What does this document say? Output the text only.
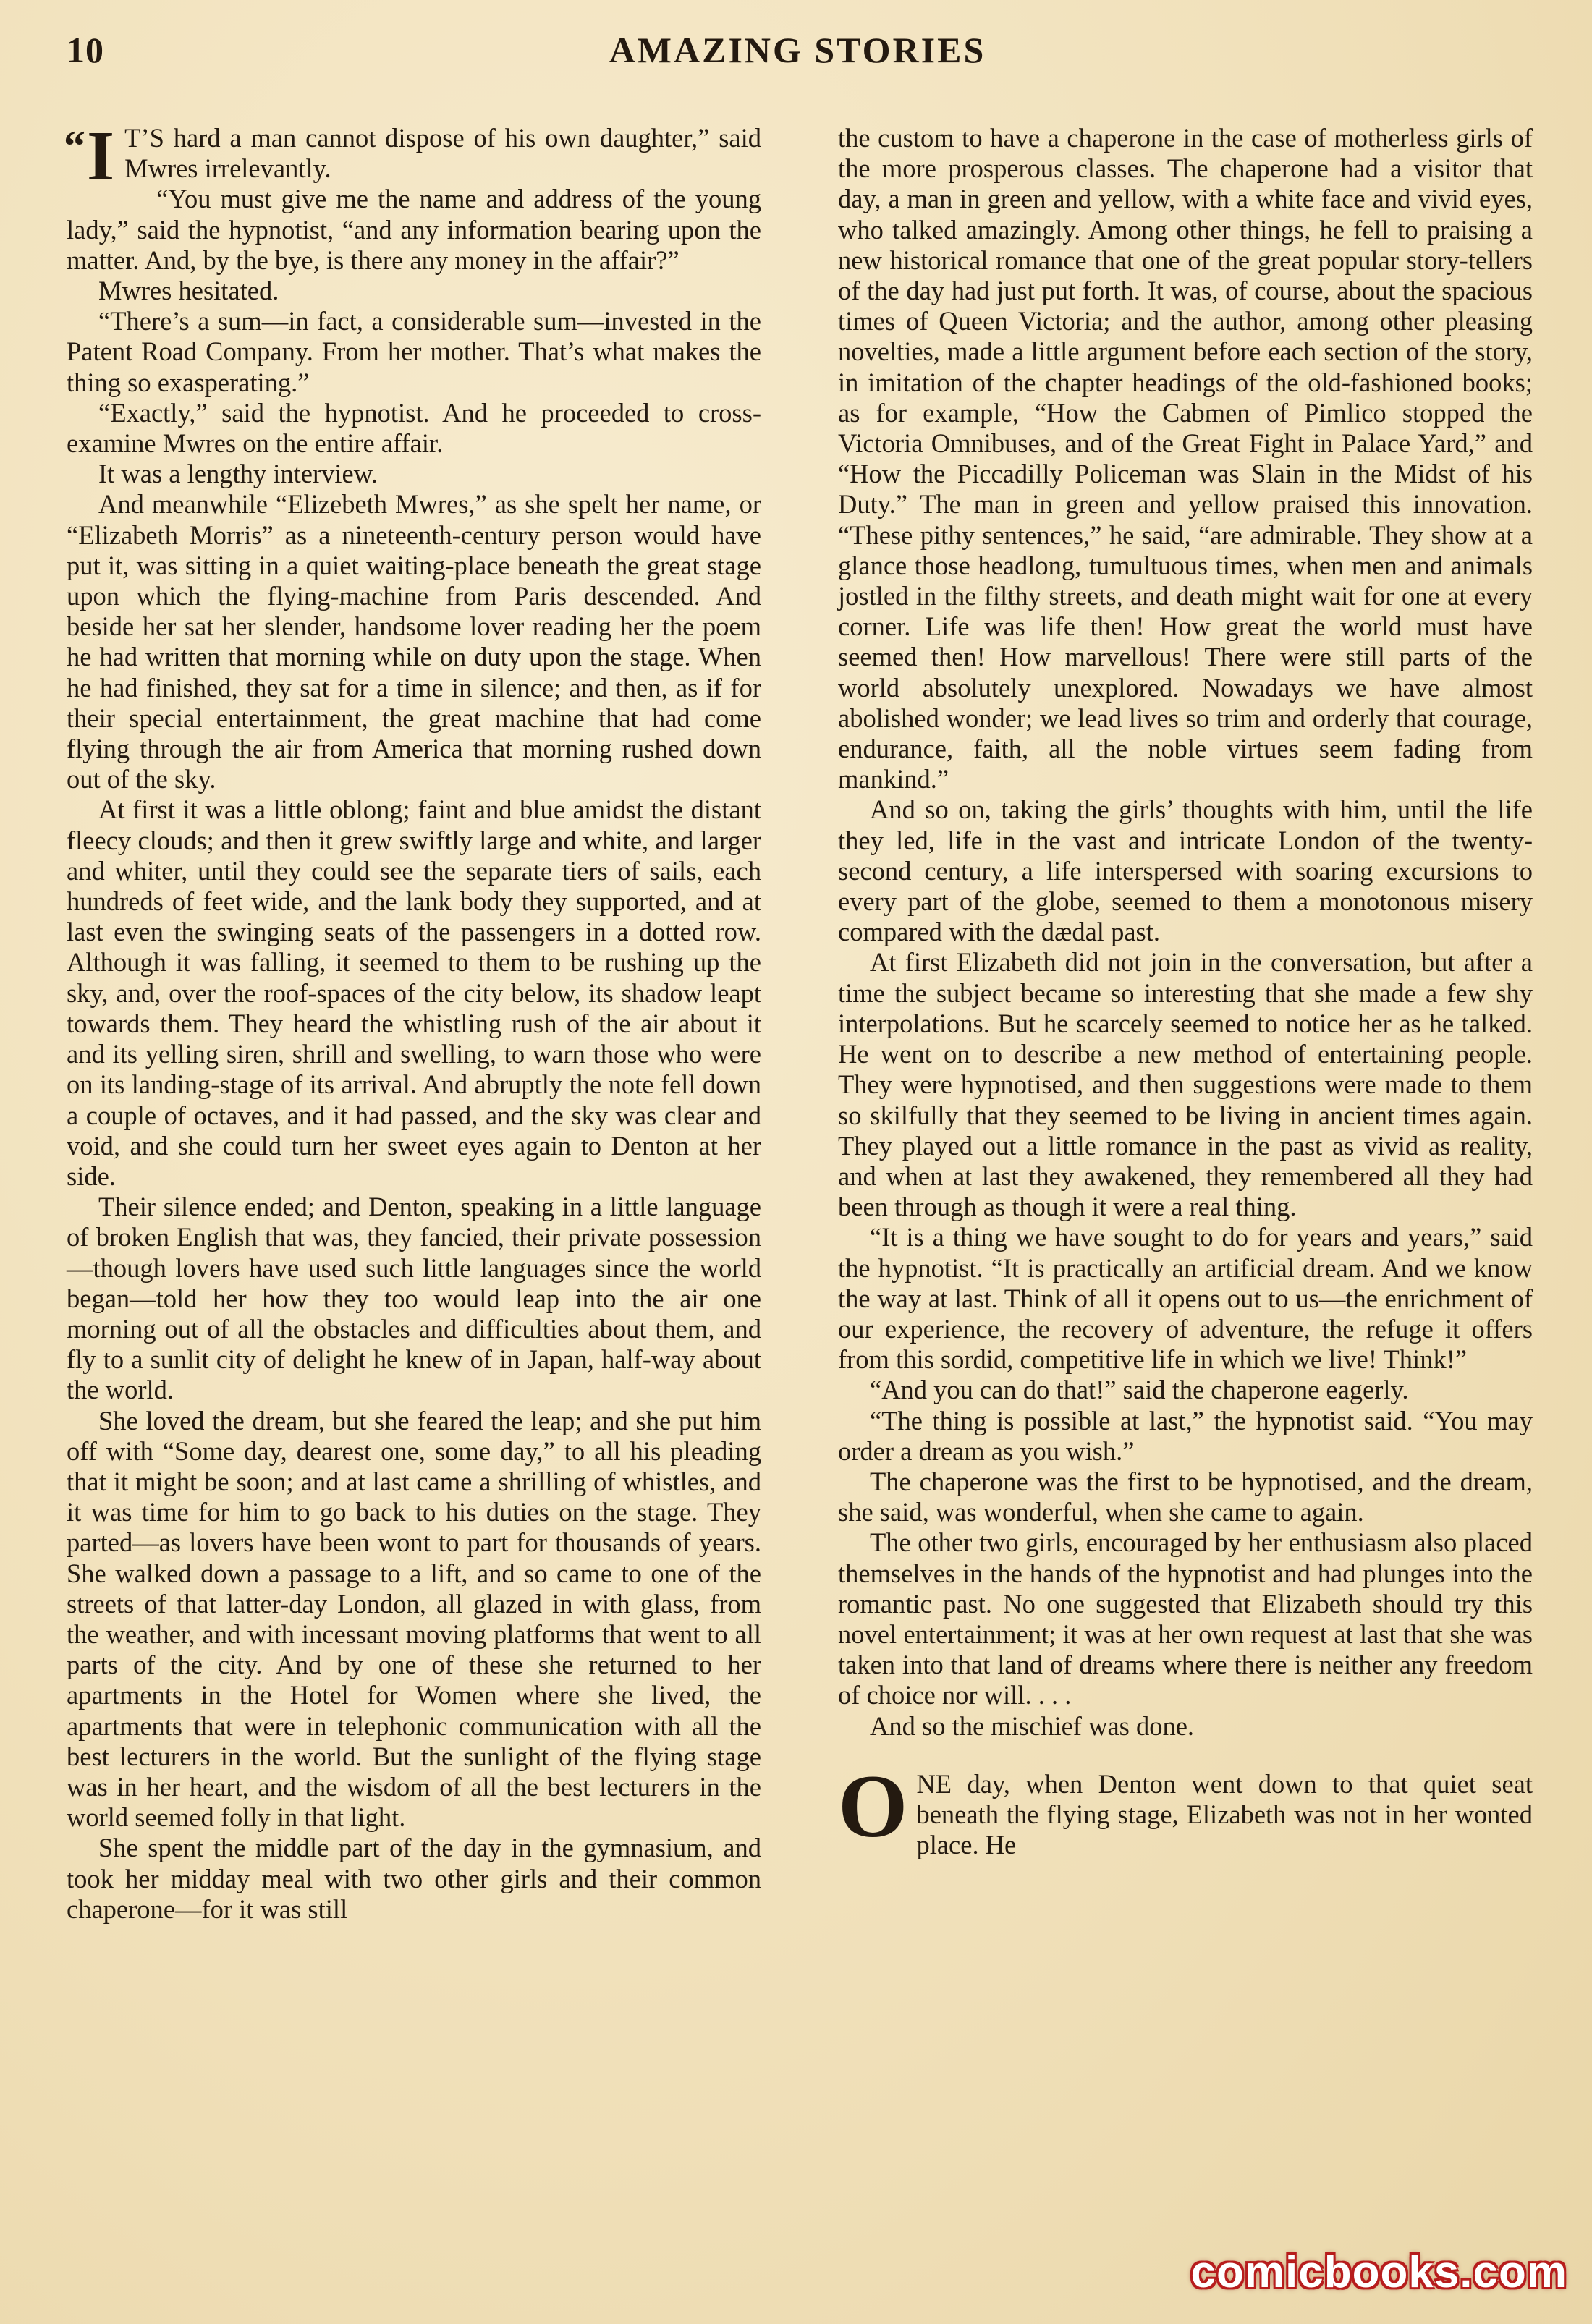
10	AMAZING STORIES

“ I T’S hard a man cannot dispose of his own daughter,” said Mwres irrelevantly.

“You must give me the name and address of the young lady,” said the hypnotist, “and any information bearing upon the matter. And, by the bye, is there any money in the affair?”

Mwres hesitated.

“There’s a sum—in fact, a considerable sum—invested in the Patent Road Company. From her mother. That’s what makes the thing so exasperating.”

“Exactly,” said the hypnotist. And he proceeded to cross-examine Mwres on the entire affair.

It was a lengthy interview.

And meanwhile “Elizebeth Mwres,” as she spelt her name, or “Elizabeth Morris” as a nineteenth-century person would have put it, was sitting in a quiet waiting-place beneath the great stage upon which the flying-machine from Paris descended. And beside her sat her slender, handsome lover reading her the poem he had written that morning while on duty upon the stage. When he had finished, they sat for a time in silence; and then, as if for their special entertainment, the great machine that had come flying through the air from America that morning rushed down out of the sky.

At first it was a little oblong; faint and blue amidst the distant fleecy clouds; and then it grew swiftly large and white, and larger and whiter, until they could see the separate tiers of sails, each hundreds of feet wide, and the lank body they supported, and at last even the swinging seats of the passengers in a dotted row. Although it was falling, it seemed to them to be rushing up the sky, and, over the roof-spaces of the city below, its shadow leapt towards them. They heard the whistling rush of the air about it and its yelling siren, shrill and swelling, to warn those who were on its landing-stage of its arrival. And abruptly the note fell down a couple of octaves, and it had passed, and the sky was clear and void, and she could turn her sweet eyes again to Denton at her side.

Their silence ended; and Denton, speaking in a little language of broken English that was, they fancied, their private possession—though lovers have used such little languages since the world began—told her how they too would leap into the air one morning out of all the obstacles and difficulties about them, and fly to a sunlit city of delight he knew of in Japan, half-way about the world.

She loved the dream, but she feared the leap; and she put him off with “Some day, dearest one, some day,” to all his pleading that it might be soon; and at last came a shrilling of whistles, and it was time for him to go back to his duties on the stage. They parted—as lovers have been wont to part for thousands of years. She walked down a passage to a lift, and so came to one of the streets of that latter-day London, all glazed in with glass, from the weather, and with incessant moving platforms that went to all parts of the city. And by one of these she returned to her apartments in the Hotel for Women where she lived, the apartments that were in telephonic communication with all the best lecturers in the world. But the sunlight of the flying stage was in her heart, and the wisdom of all the best lecturers in the world seemed folly in that light.

She spent the middle part of the day in the gymnasium, and took her midday meal with two other girls and their common chaperone—for it was still

the custom to have a chaperone in the case of motherless girls of the more prosperous classes. The chaperone had a visitor that day, a man in green and yellow, with a white face and vivid eyes, who talked amazingly. Among other things, he fell to praising a new historical romance that one of the great popular story-tellers of the day had just put forth. It was, of course, about the spacious times of Queen Victoria; and the author, among other pleasing novelties, made a little argument before each section of the story, in imitation of the chapter headings of the old-fashioned books; as for example, “How the Cabmen of Pimlico stopped the Victoria Omnibuses, and of the Great Fight in Palace Yard,” and “How the Piccadilly Policeman was Slain in the Midst of his Duty.” The man in green and yellow praised this innovation. “These pithy sentences,” he said, “are admirable. They show at a glance those headlong, tumultuous times, when men and animals jostled in the filthy streets, and death might wait for one at every corner. Life was life then! How great the world must have seemed then! How marvellous! There were still parts of the world absolutely unexplored. Nowadays we have almost abolished wonder; we lead lives so trim and orderly that courage, endurance, faith, all the noble virtues seem fading from mankind.”

And so on, taking the girls’ thoughts with him, until the life they led, life in the vast and intricate London of the twenty-second century, a life interspersed with soaring excursions to every part of the globe, seemed to them a monotonous misery compared with the dædal past.

At first Elizabeth did not join in the conversation, but after a time the subject became so interesting that she made a few shy interpolations. But he scarcely seemed to notice her as he talked. He went on to describe a new method of entertaining people. They were hypnotised, and then suggestions were made to them so skilfully that they seemed to be living in ancient times again. They played out a little romance in the past as vivid as reality, and when at last they awakened, they remembered all they had been through as though it were a real thing.

“It is a thing we have sought to do for years and years,” said the hypnotist. “It is practically an artificial dream. And we know the way at last. Think of all it opens out to us—the enrichment of our experience, the recovery of adventure, the refuge it offers from this sordid, competitive life in which we live! Think!”

“And you can do that!” said the chaperone eagerly.

“The thing is possible at last,” the hypnotist said. “You may order a dream as you wish.”

The chaperone was the first to be hypnotised, and the dream, she said, was wonderful, when she came to again.

The other two girls, encouraged by her enthusiasm also placed themselves in the hands of the hypnotist and had plunges into the romantic past. No one suggested that Elizabeth should try this novel entertainment; it was at her own request at last that she was taken into that land of dreams where there is neither any freedom of choice nor will. . . .

And so the mischief was done.

ONE day, when Denton went down to that quiet seat beneath the flying stage, Elizabeth was not in her wonted place. He

comicbooks.com
